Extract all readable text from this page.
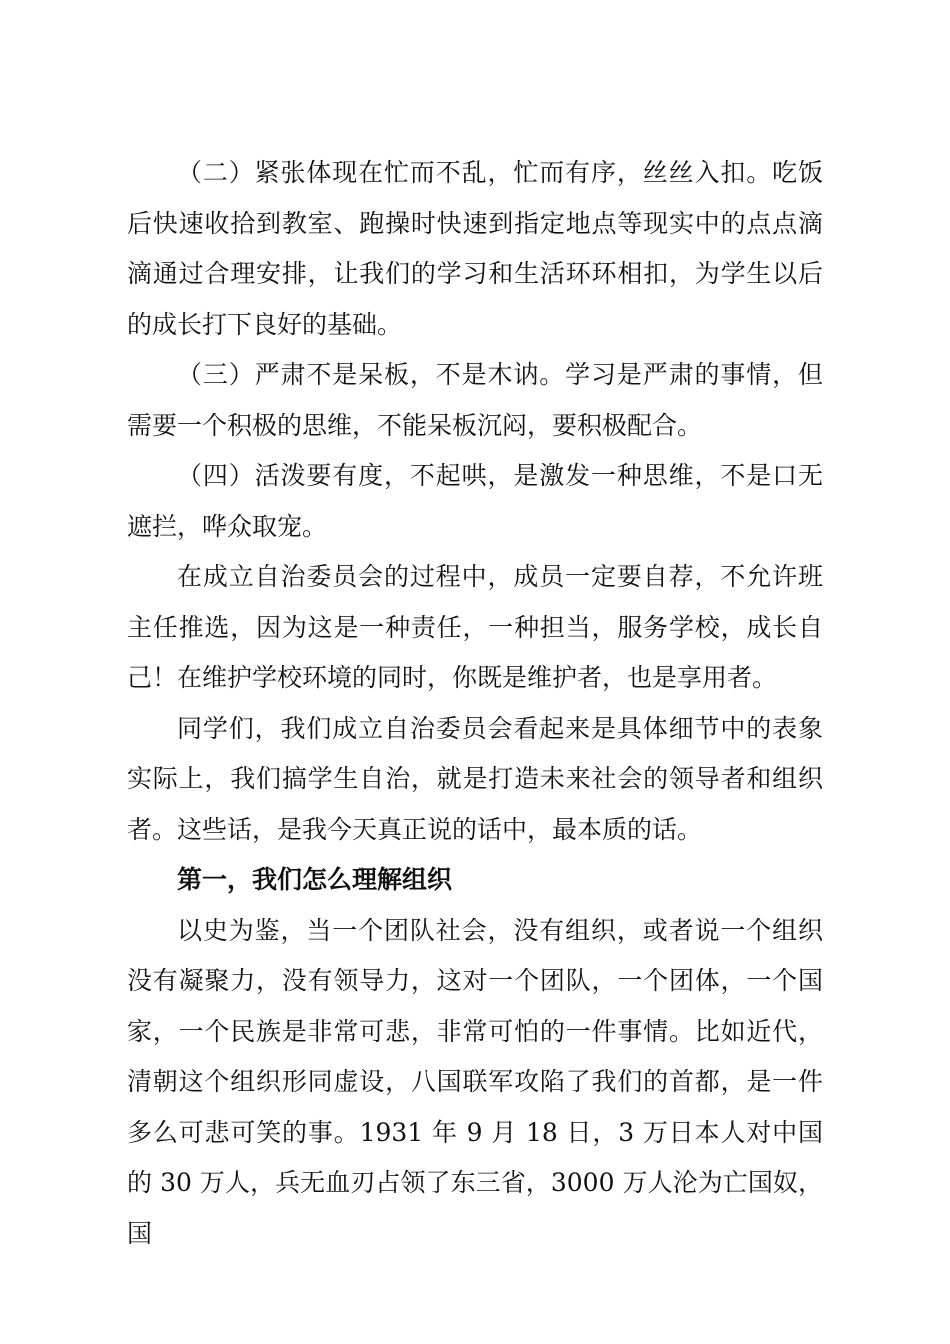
（二）紧张体现在忙而不乱，忙而有序，丝丝入扣。吃饭后快速收拾到教室、跑操时快速到指定地点等现实中的点点滴滴通过合理安排，让我们的学习和生活环环相扣，为学生以后的成长打下良好的基础。

（三）严肃不是呆板，不是木讷。学习是严肃的事情，但需要一个积极的思维，不能呆板沉闷，要积极配合。

（四）活泼要有度，不起哄，是激发一种思维，不是口无遮拦，哗众取宠。

在成立自治委员会的过程中，成员一定要自荐，不允许班主任推选，因为这是一种责任，一种担当，服务学校，成长自己！在维护学校环境的同时，你既是维护者，也是享用者。

同学们，我们成立自治委员会看起来是具体细节中的表象实际上，我们搞学生自治，就是打造未来社会的领导者和组织者。这些话，是我今天真正说的话中，最本质的话。

第一，我们怎么理解组织

以史为鉴，当一个团队社会，没有组织，或者说一个组织没有凝聚力，没有领导力，这对一个团队，一个团体，一个国家，一个民族是非常可悲，非常可怕的一件事情。比如近代，清朝这个组织形同虚设，八国联军攻陷了我们的首都，是一件多么可悲可笑的事。1931 年 9 月 18 日，3 万日本人对中国的 30 万人，兵无血刃占领了东三省，3000 万人沦为亡国奴，国
